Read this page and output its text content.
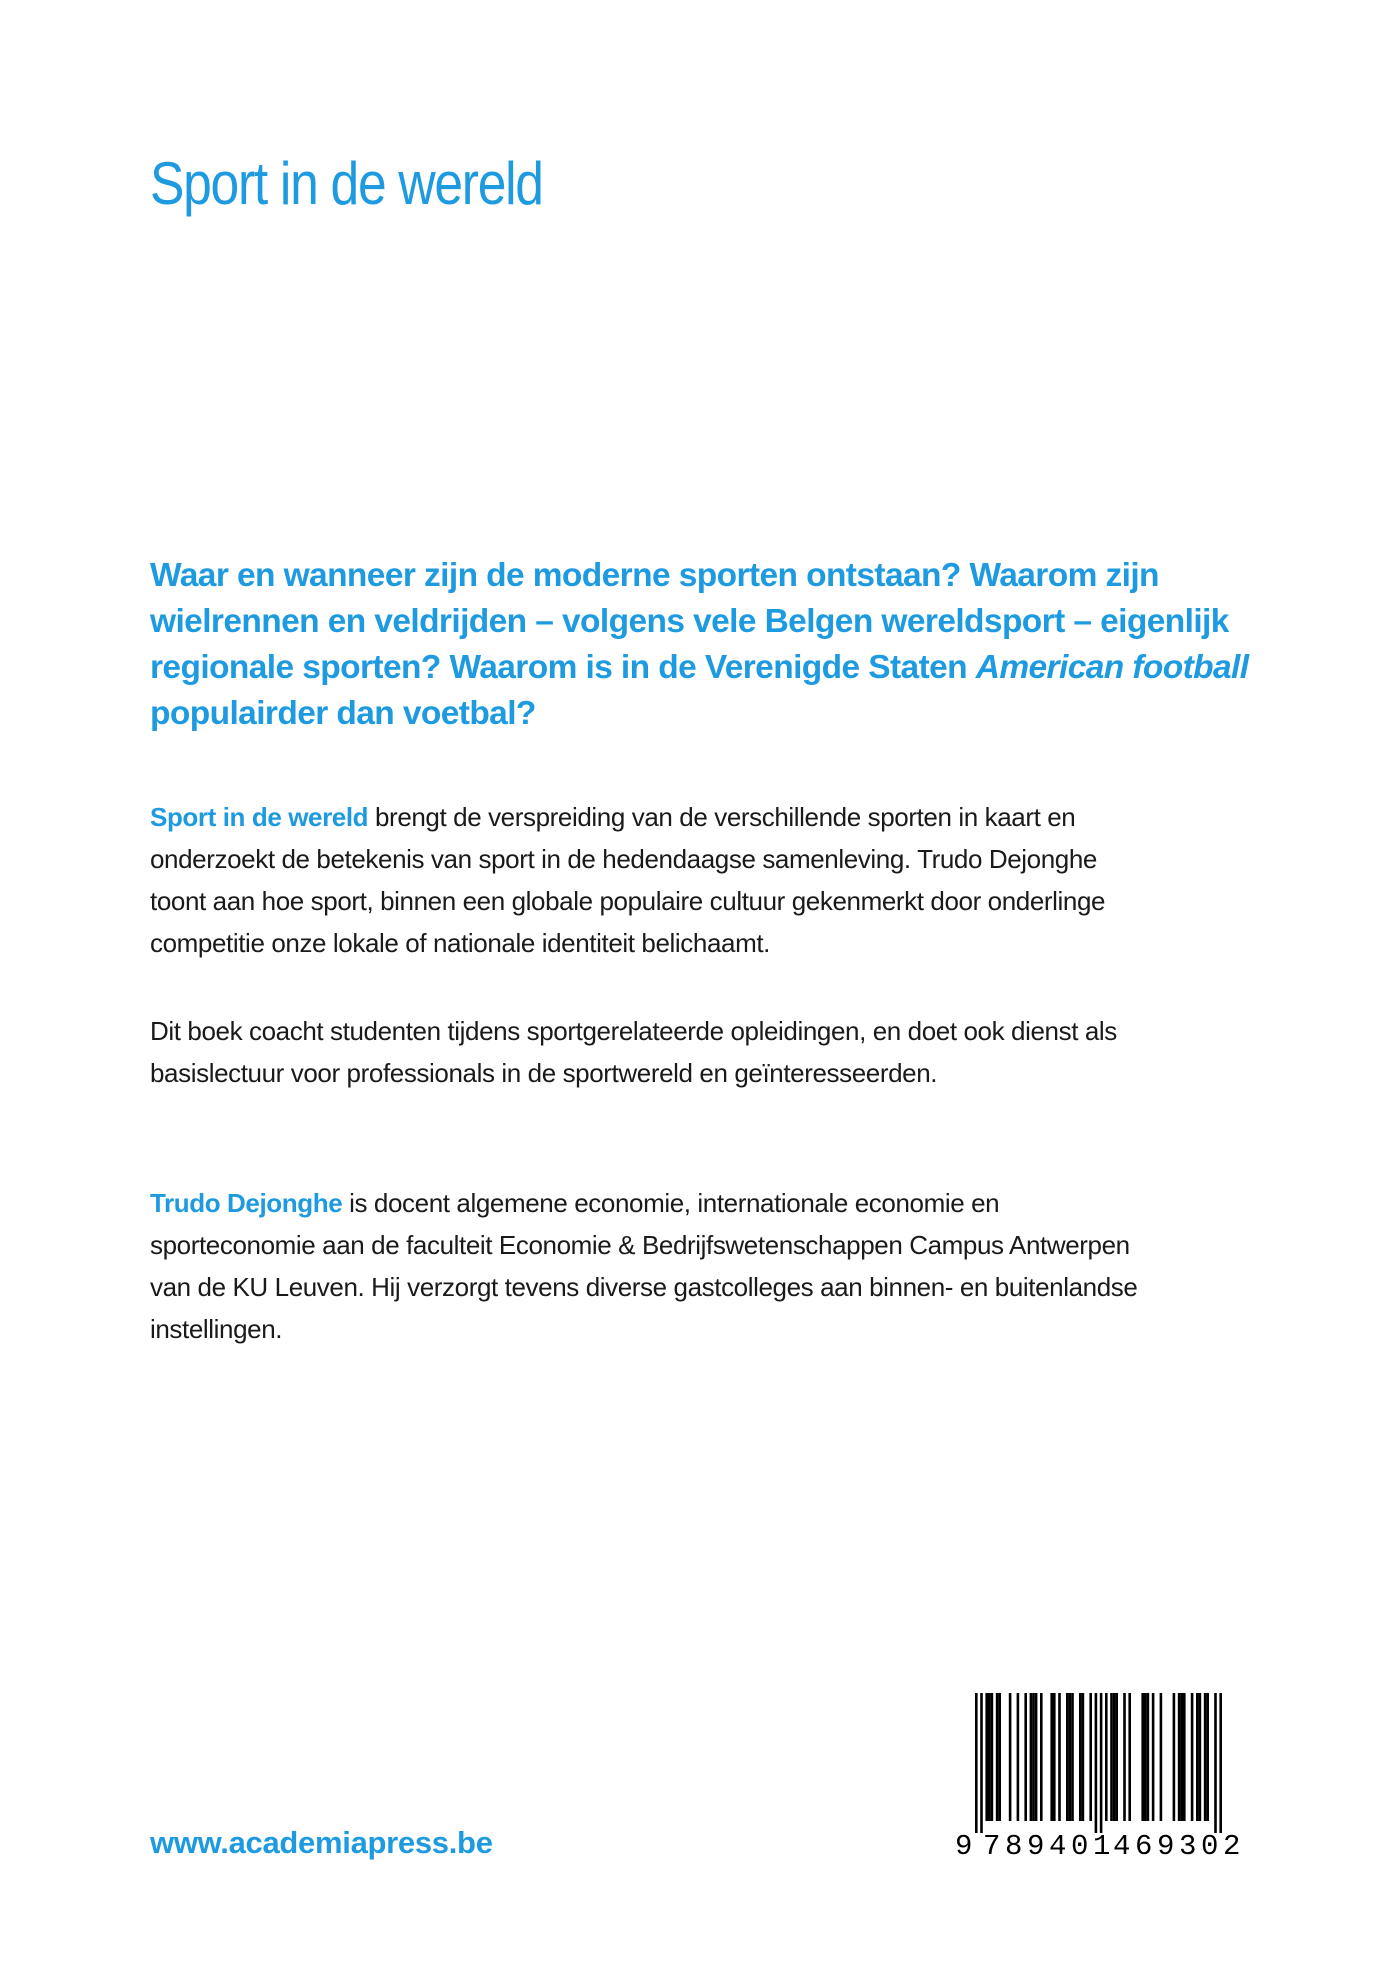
Sport in de wereld
Waar en wanneer zijn de moderne sporten ontstaan? Waarom zijn
wielrennen en veldrijden – volgens vele Belgen wereldsport – eigenlijk
regionale sporten? Waarom is in de Verenigde Staten American football
populairder dan voetbal?
Sport in de wereld brengt de verspreiding van de verschillende sporten in kaart en
onderzoekt de betekenis van sport in de hedendaagse samenleving. Trudo Dejonghe
toont aan hoe sport, binnen een globale populaire cultuur gekenmerkt door onderlinge
competitie onze lokale of nationale identiteit belichaamt.
Dit boek coacht studenten tijdens sportgerelateerde opleidingen, en doet ook dienst als
basislectuur voor professionals in de sportwereld en geïnteresseerden.
Trudo Dejonghe is docent algemene economie, internationale economie en
sporteconomie aan de faculteit Economie & Bedrijfswetenschappen Campus Antwerpen
van de KU Leuven. Hij verzorgt tevens diverse gastcolleges aan binnen- en buitenlandse
instellingen.
www.academiapress.be	9 789401
469302
